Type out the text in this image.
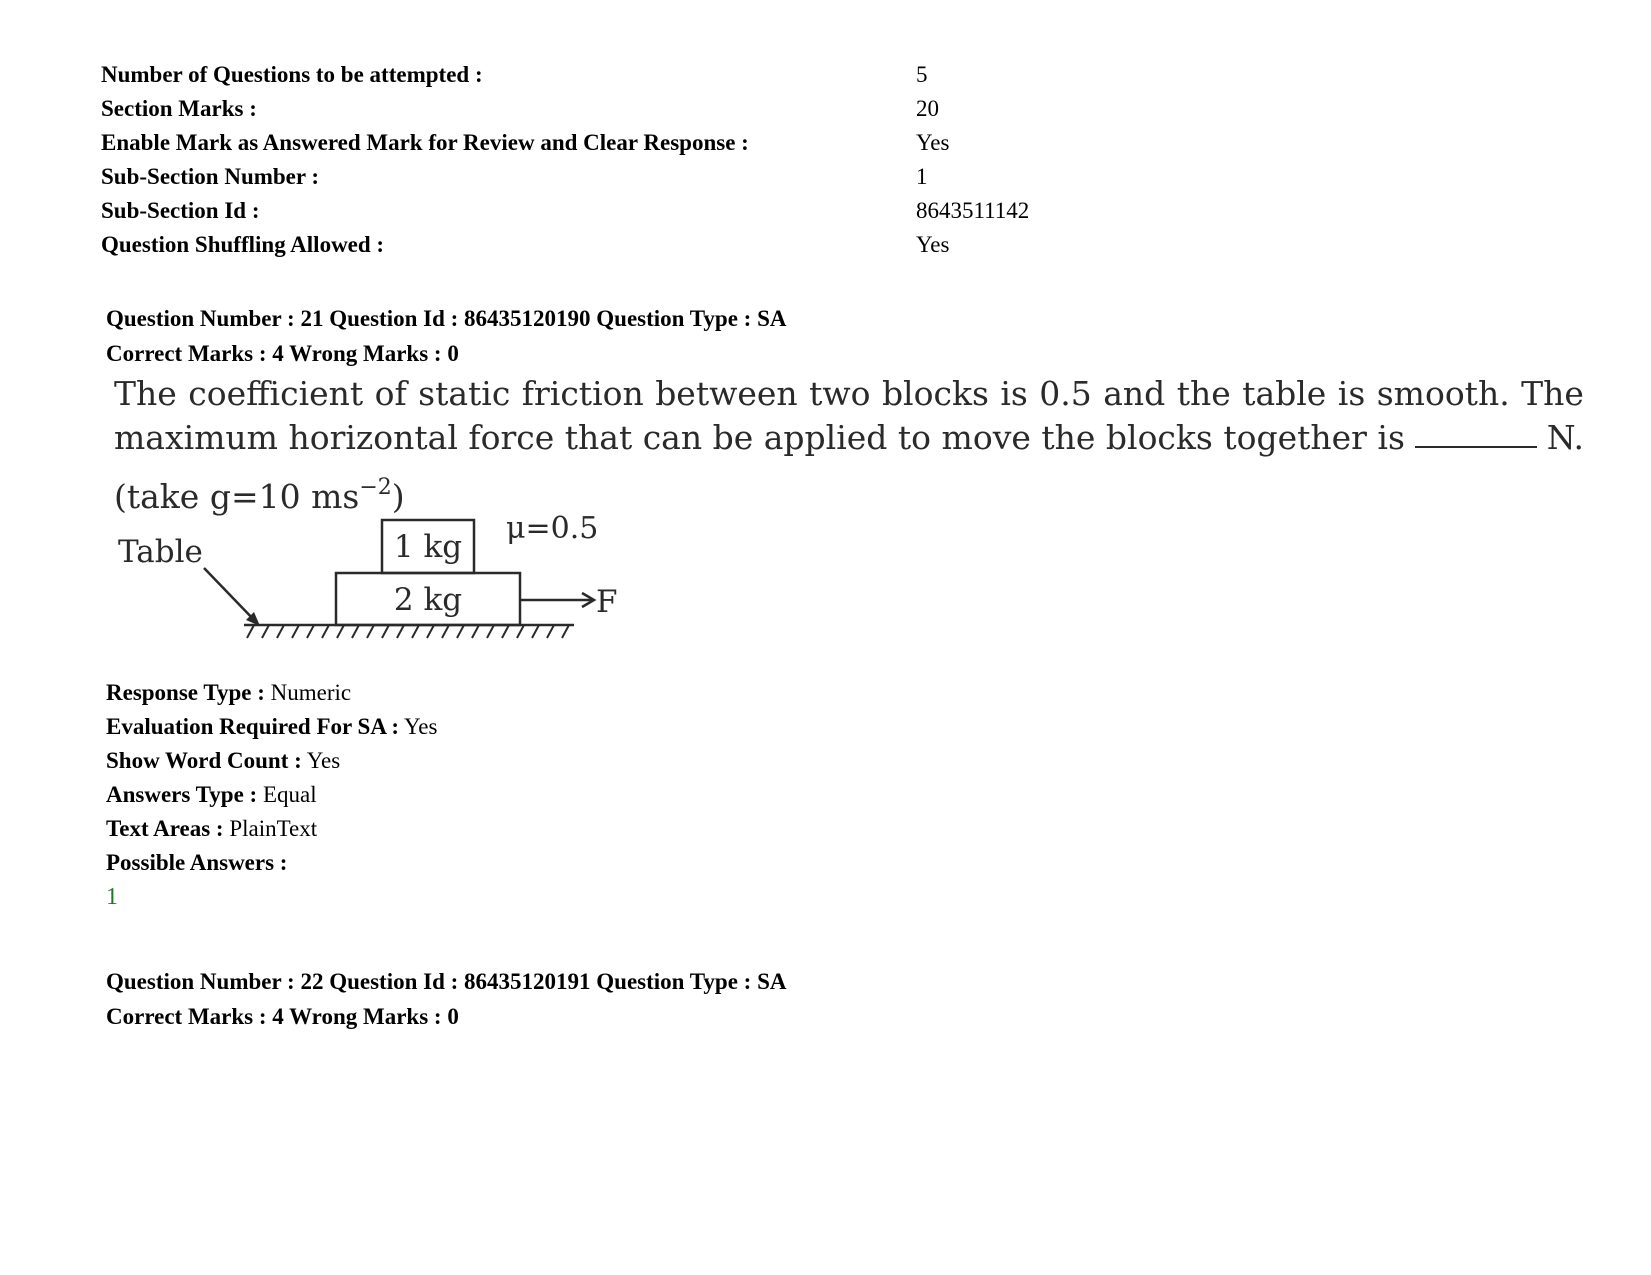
Number of Questions to be attempted :	5
Section Marks :	20
Enable Mark as Answered Mark for Review and Clear Response :	Yes
Sub-Section Number :	1
Sub-Section Id :	8643511142
Question Shuffling Allowed :	Yes
Question Number : 21 Question Id : 86435120190 Question Type : SA
Correct Marks : 4 Wrong Marks : 0
The coefficient of static friction between two blocks is 0.5 and the table is smooth. The
maximum horizontal force that can be applied to move the blocks together is	N.
(take g=10 $ms^{-2}$)
Table
2 kg
1 kg
μ=0.5
F
Response Type : Numeric
Evaluation Required For SA : Yes
Show Word Count : Yes
Answers Type : Equal
Text Areas : PlainText
Possible Answers :
1
Question Number : 22 Question Id : 86435120191 Question Type : SA
Correct Marks : 4 Wrong Marks : 0
